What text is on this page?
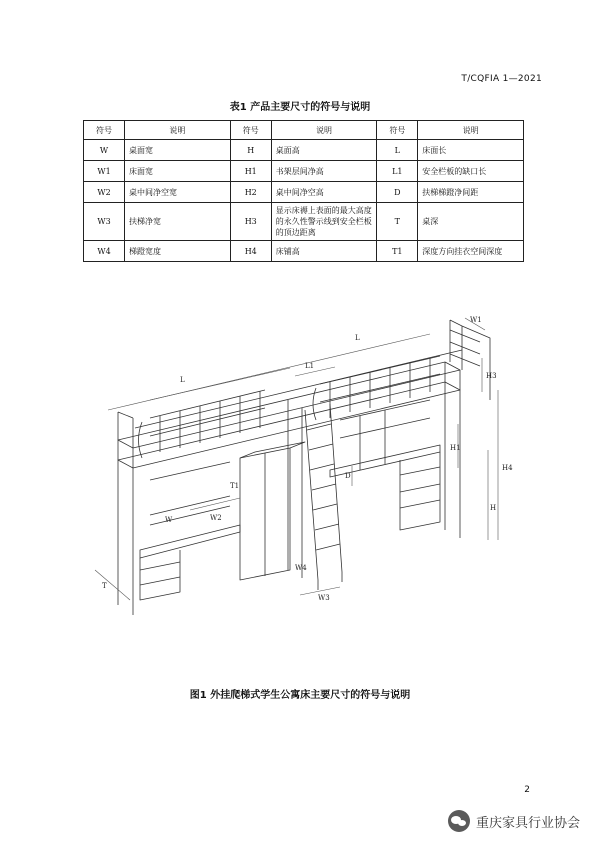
T/CQFIA 1—2021
表1 产品主要尺寸的符号与说明
符号	说明	符号	说明	符号	说明
W	桌面宽	H	桌面高	L	床面长
W1	床面宽	H1	书架层间净高	L1	安全栏板的缺口长
W2	桌中间净空宽	H2	桌中间净空高	D	扶梯梯蹬净间距
W3	扶梯净宽	H3	显示床褥上表面的最大高度的永久性警示线到安全栏板的顶边距离	T	桌深
W4	梯蹬宽度	H4	床铺高	T1	深度方向挂衣空间深度
L
L
L1
W1
H3
H1
H4
H
D
W4
T1
T
W	W2
W3
图1 外挂爬梯式学生公寓床主要尺寸的符号与说明
2
重庆家具行业协会
